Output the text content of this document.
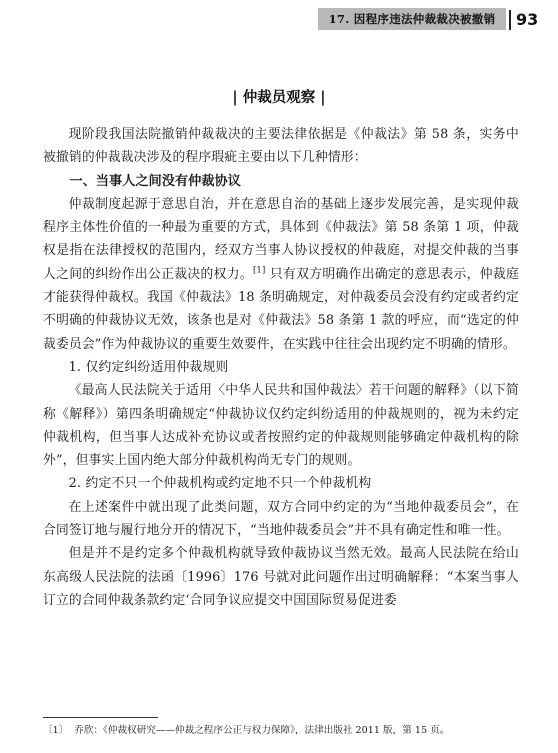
17. 因程序违法仲裁裁决被撤销 93
| 仲裁员观察 |

现阶段我国法院撤销仲裁裁决的主要法律依据是《仲裁法》第 58 条，实务中被撤销的仲裁裁决涉及的程序瑕疵主要由以下几种情形：

一、当事人之间没有仲裁协议

仲裁制度起源于意思自治，并在意思自治的基础上逐步发展完善，是实现仲裁程序主体性价值的一种最为重要的方式，具体到《仲裁法》第 58 条第 1 项，仲裁权是指在法律授权的范围内，经双方当事人协议授权的仲裁庭，对提交仲裁的当事人之间的纠纷作出公正裁决的权力。[1] 只有双方明确作出确定的意思表示，仲裁庭才能获得仲裁权。我国《仲裁法》18 条明确规定，对仲裁委员会没有约定或者约定不明确的仲裁协议无效，该条也是对《仲裁法》58 条第 1 款的呼应，而“选定的仲裁委员会”作为仲裁协议的重要生效要件，在实践中往往会出现约定不明确的情形。

1. 仅约定纠纷适用仲裁规则

《最高人民法院关于适用〈中华人民共和国仲裁法〉若干问题的解释》（以下简称《解释》）第四条明确规定“仲裁协议仅约定纠纷适用的仲裁规则的，视为未约定仲裁机构，但当事人达成补充协议或者按照约定的仲裁规则能够确定仲裁机构的除外”，但事实上国内绝大部分仲裁机构尚无专门的规则。

2. 约定不只一个仲裁机构或约定地不只一个仲裁机构

在上述案件中就出现了此类问题，双方合同中约定的为“当地仲裁委员会”，在合同签订地与履行地分开的情况下，“当地仲裁委员会”并不具有确定性和唯一性。

但是并不是约定多个仲裁机构就导致仲裁协议当然无效。最高人民法院在给山东高级人民法院的法函〔1996〕176 号就对此问题作出过明确解释：“本案当事人订立的合同仲裁条款约定‘合同争议应提交中国国际贸易促进委

〔1〕 乔欣：《仲裁权研究——仲裁之程序公正与权力保障》，法律出版社 2011 版，第 15 页。
